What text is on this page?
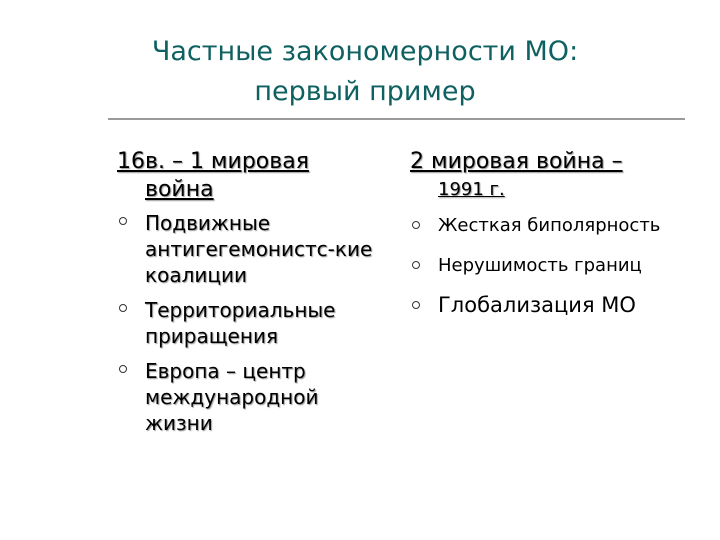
Частные закономерности МО:
первый пример
16в. – 1 мировая
война
Подвижные антигегемонистс-кие коалиции
Территориальные приращения
Европа – центр международной жизни
2 мировая война –
1991 г.
Жесткая биполярность
Нерушимость границ
Глобализация МО
